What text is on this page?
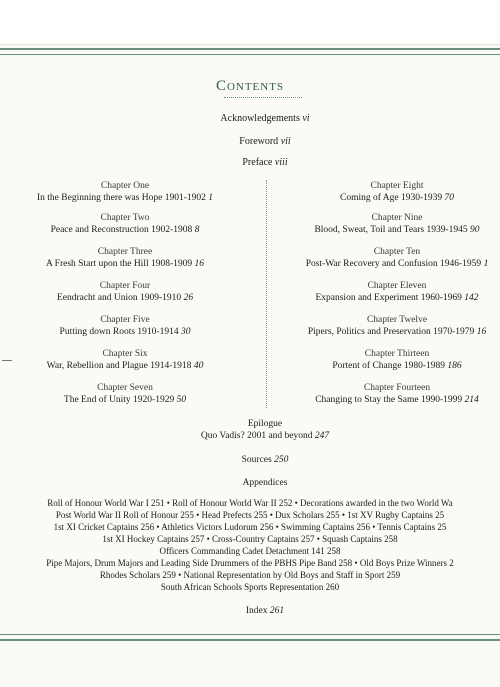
Contents
Acknowledgements vi
Foreword vii
Preface viii
Chapter One
In the Beginning there was Hope 1901-1902 1
Chapter Two
Peace and Reconstruction 1902-1908 8
Chapter Three
A Fresh Start upon the Hill 1908-1909 16
Chapter Four
Eendracht and Union 1909-1910 26
Chapter Five
Putting down Roots 1910-1914 30
Chapter Six
War, Rebellion and Plague 1914-1918 40
Chapter Seven
The End of Unity 1920-1929 50
Chapter Eight
Coming of Age 1930-1939 70
Chapter Nine
Blood, Sweat, Toil and Tears 1939-1945 90
Chapter Ten
Post-War Recovery and Confusion 1946-1959 1
Chapter Eleven
Expansion and Experiment 1960-1969 142
Chapter Twelve
Pipers, Politics and Preservation 1970-1979 16
Chapter Thirteen
Portent of Change 1980-1989 186
Chapter Fourteen
Changing to Stay the Same 1990-1999 214
Epilogue
Quo Vadis? 2001 and beyond 247
Sources 250
Appendices
Roll of Honour World War I 251 • Roll of Honour World War II 252 • Decorations awarded in the two World Wa
Post World War II Roll of Honour 255 • Head Prefects 255 • Dux Scholars 255 • 1st XV Rugby Captains 25
1st XI Cricket Captains 256 • Athletics Victors Ludorum 256 • Swimming Captains 256 • Tennis Captains 25
1st XI Hockey Captains 257 • Cross-Country Captains 257 • Squash Captains 258
Officers Commanding Cadet Detachment 141 258
Pipe Majors, Drum Majors and Leading Side Drummers of the PBHS Pipe Band 258 • Old Boys Prize Winners 2
Rhodes Scholars 259 • National Representation by Old Boys and Staff in Sport 259
South African Schools Sports Representation 260
Index 261
